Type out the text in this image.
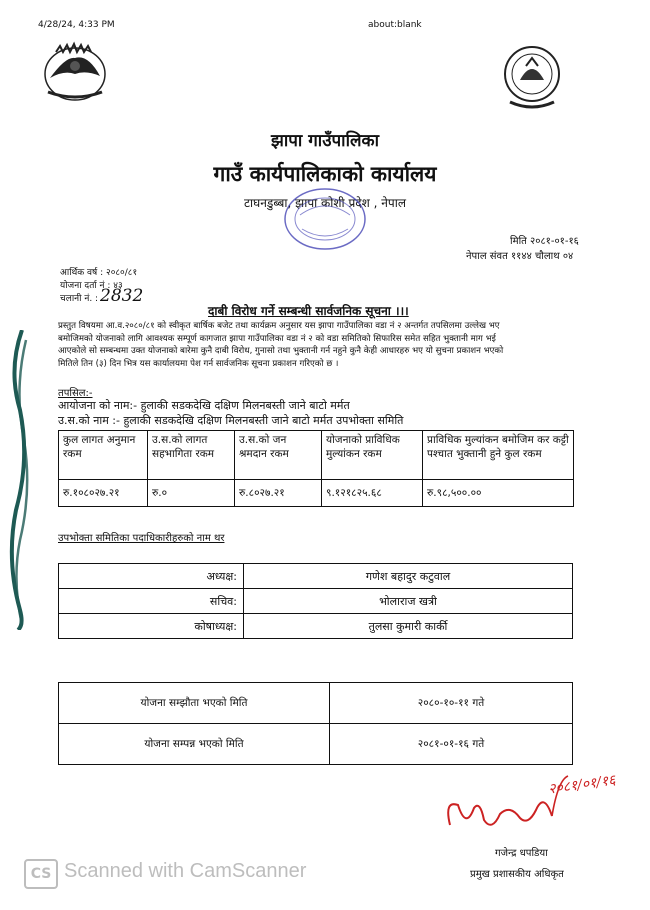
4/28/24, 4:33 PM	about:blank
झापा गाउँपालिका
गाउँ कार्यपालिकाको कार्यालय
टाघनडुब्बा, झापा कोशी प्रदेश , नेपाल
मिति २०८१-०१-१६
नेपाल संवत ११४४ चौलाथ ०४
आर्थिक वर्ष : २०८०/८१
योजना दर्ता नं : ४३
चलानी नं. : 2832
दाबी विरोध गर्ने सम्बन्धी सार्वजनिक सूचना ।।।
प्रस्तुत विषयमा आ.व.२०८०/८१ को स्वीकृत बार्षिक बजेट तथा कार्यक्रम अनुसार यस झापा गाउँपालिका वडा नं २ अन्तर्गत तपसिलमा उल्लेख भए
बमोजिमको योजनाको लागि आवश्यक सम्पूर्ण कागजात झापा गाउँपालिका वडा नं २ को वडा समितिको सिफारिस समेत सहित भुक्तानी माग भई
आएकोले सो सम्बन्धमा उक्त योजनाको बारेमा कुनै दाबी विरोध, गुनासो तथा भुक्तानी गर्न नहुने कुनै केही आधारहरु भए यो सुचना प्रकाशन भएको
मितिले तिन (३) दिन भित्र यस कार्यालयमा पेश गर्न सार्वजनिक सूचना प्रकाशन गरिएको छ ।
तपसिल:-
आयोजना को नाम:- हुलाकी सडकदेखि दक्षिण मिलनबस्ती जाने बाटो मर्मत
उ.स.को नाम :- हुलाकी सडकदेखि दक्षिण मिलनबस्ती जाने बाटो मर्मत उपभोक्ता समिति
कुल लागत अनुमान रकम	उ.स.को लागत सहभागिता रकम	उ.स.को जन श्रमदान रकम	योजनाको प्राविधिक मुल्यांकन रकम	प्राविधिक मुल्यांकन बमोजिम कर कट्टी पश्चात भुक्तानी हुने कुल रकम
रु.१०८०२७.२१	रु.०	रु.८०२७.२१	९.१२१८२५.६८	रु.९८,५००.००
उपभोक्ता समितिका पदाधिकारीहरुको नाम थर
अध्यक्ष:	गणेश बहादुर कटुवाल
सचिव:	भोलाराज खत्री
कोषाध्यक्ष:	तुलसा कुमारी कार्की
योजना सम्झौता भएको मिति	२०८०-१०-११ गते
योजना सम्पन्न भएको मिति	२०८१-०१-१६ गते
२०८१/०१/१६
गजेन्द्र धपडिया
प्रमुख प्रशासकीय अधिकृत
CS Scanned with CamScanner
